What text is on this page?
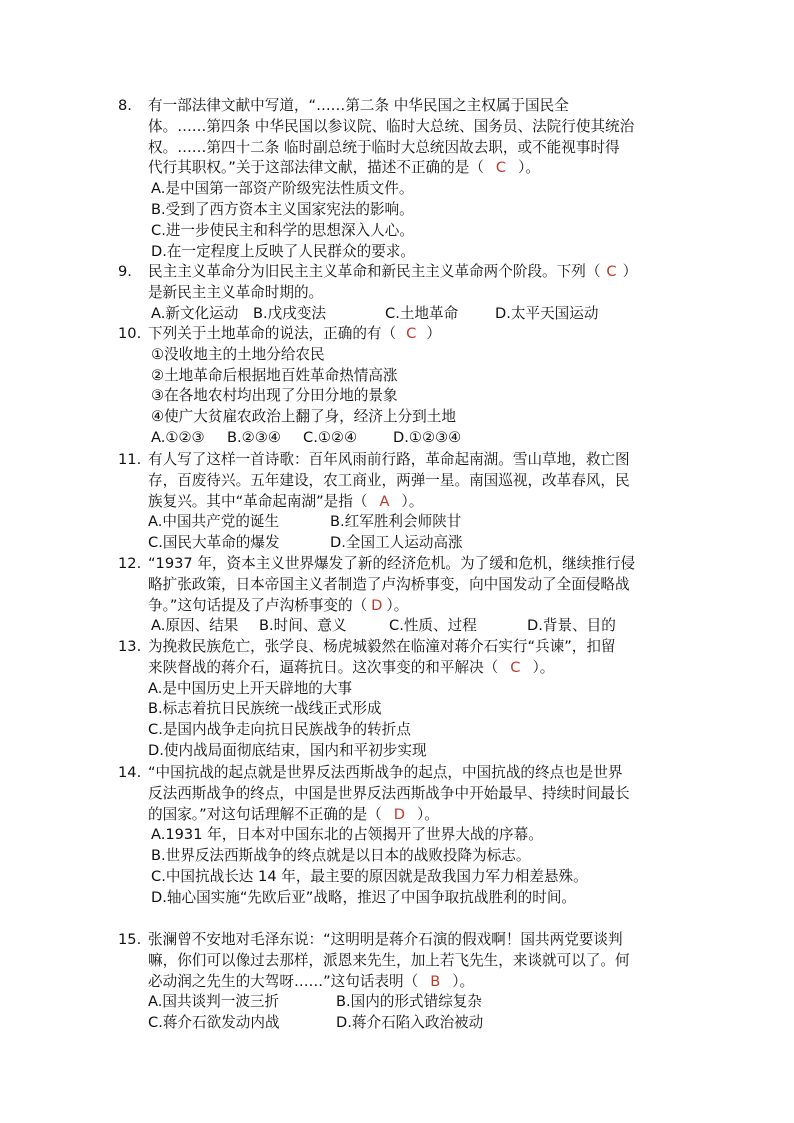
8.	有一部法律文献中写道，“……第二条 中华民国之主权属于国民全
体。……第四条 中华民国以参议院、临时大总统、国务员、法院行使其统治
权。……第四十二条 临时副总统于临时大总统因故去职，或不能视事时得
代行其职权。”关于这部法律文献，描述不正确的是（ C ）。
A.是中国第一部资产阶级宪法性质文件。
B.受到了西方资本主义国家宪法的影响。
C.进一步使民主和科学的思想深入人心。
D.在一定程度上反映了人民群众的要求。
9.	民主主义革命分为旧民主主义革命和新民主主义革命两个阶段。下列（ C ）
是新民主主义革命时期的。
A.新文化运动	B.戊戌变法	C.土地革命	D.太平天国运动
10. 下列关于土地革命的说法，正确的有（ C ）
①没收地主的土地分给农民
②土地革命后根据地百姓革命热情高涨
③在各地农村均出现了分田分地的景象
④使广大贫雇农政治上翻了身，经济上分到土地
A.①②③	B.②③④	C.①②④	D.①②③④
11. 有人写了这样一首诗歌：百年风雨前行路，革命起南湖。雪山草地，救亡图
存，百废待兴。五年建设，农工商业，两弹一星。南国巡视，改革春风，民
族复兴。其中“革命起南湖”是指（ A ）。
A.中国共产党的诞生	B.红军胜利会师陕甘
C.国民大革命的爆发	D.全国工人运动高涨
12. “1937 年，资本主义世界爆发了新的经济危机。为了缓和危机，继续推行侵
略扩张政策，日本帝国主义者制造了卢沟桥事变，向中国发动了全面侵略战
争。”这句话提及了卢沟桥事变的（ D ）。
A.原因、结果	B.时间、意义	C.性质、过程	D.背景、目的
13. 为挽救民族危亡，张学良、杨虎城毅然在临潼对蒋介石实行“兵谏”，扣留
来陕督战的蒋介石，逼蒋抗日。这次事变的和平解决（ C ）。
A.是中国历史上开天辟地的大事
B.标志着抗日民族统一战线正式形成
C.是国内战争走向抗日民族战争的转折点
D.使内战局面彻底结束，国内和平初步实现
14. “中国抗战的起点就是世界反法西斯战争的起点，中国抗战的终点也是世界
反法西斯战争的终点，中国是世界反法西斯战争中开始最早、持续时间最长
的国家。”对这句话理解不正确的是（ D ）。
A.1931 年，日本对中国东北的占领揭开了世界大战的序幕。
B.世界反法西斯战争的终点就是以日本的战败投降为标志。
C.中国抗战长达 14 年，最主要的原因就是敌我国力军力相差悬殊。
D.轴心国实施“先欧后亚”战略，推迟了中国争取抗战胜利的时间。
15. 张澜曾不安地对毛泽东说：“这明明是蒋介石演的假戏啊！国共两党要谈判
嘛，你们可以像过去那样，派恩来先生，加上若飞先生，来谈就可以了。何
必动润之先生的大驾呀……”这句话表明（ B ）。
A.国共谈判一波三折	B.国内的形式错综复杂
C.蒋介石欲发动内战	D.蒋介石陷入政治被动
